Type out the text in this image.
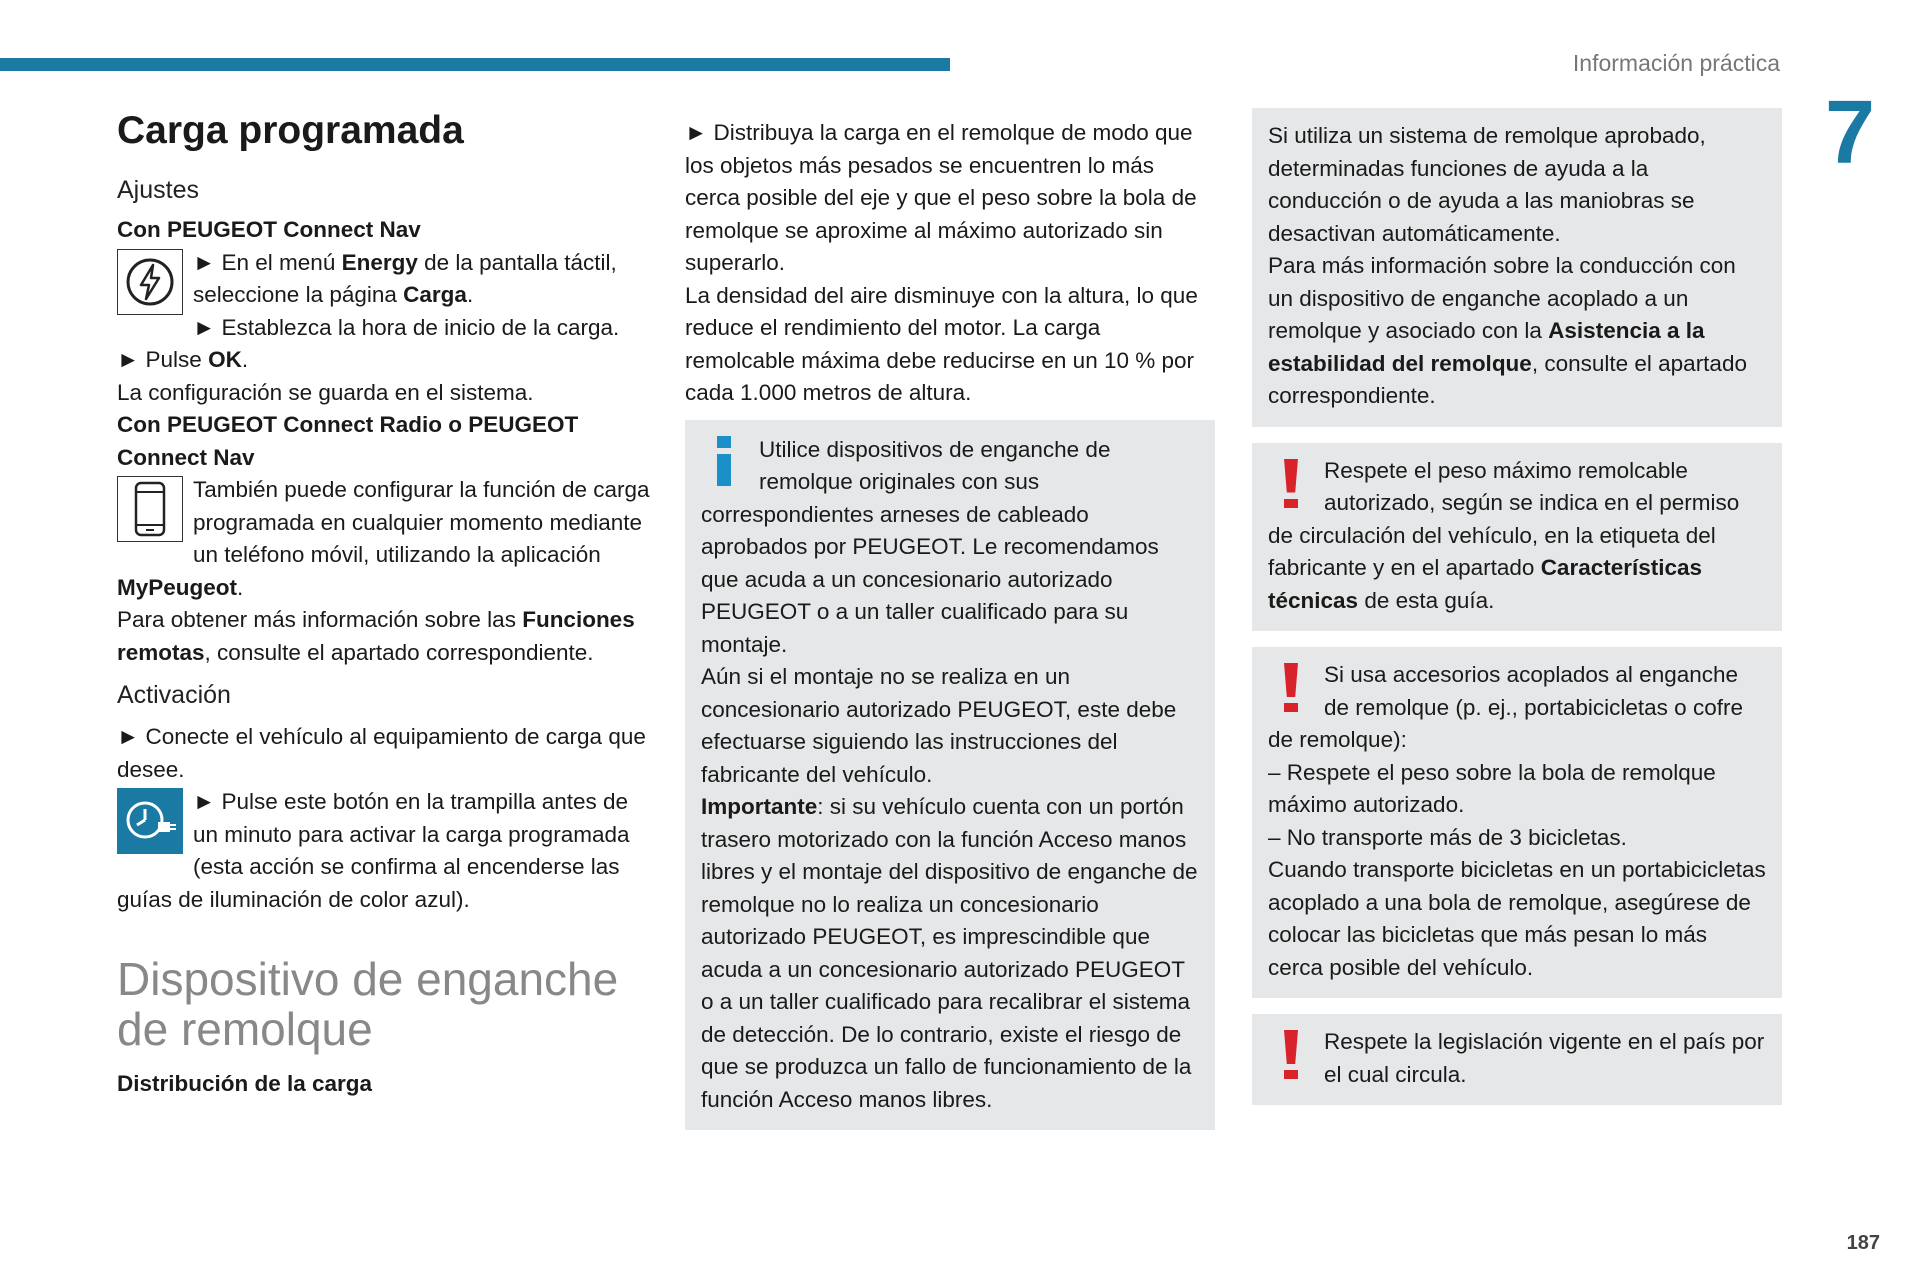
Información práctica
7
187
Carga programada
Ajustes

Con PEUGEOT Connect Nav

► En el menú Energy de la pantalla táctil, seleccione la página Carga.

► Establezca la hora de inicio de la carga.

► Pulse OK.

La configuración se guarda en el sistema.

Con PEUGEOT Connect Radio o PEUGEOT Connect Nav

También puede configurar la función de carga programada en cualquier momento mediante un teléfono móvil, utilizando la aplicación MyPeugeot.

Para obtener más información sobre las Funciones remotas, consulte el apartado correspondiente.

Activación

► Conecte el vehículo al equipamiento de carga que desee.

► Pulse este botón en la trampilla antes de un minuto para activar la carga programada (esta acción se confirma al encenderse las guías de iluminación de color azul).

Dispositivo de enganche de remolque

Distribución de la carga

► Distribuya la carga en el remolque de modo que los objetos más pesados se encuentren lo más cerca posible del eje y que el peso sobre la bola de remolque se aproxime al máximo autorizado sin superarlo.

La densidad del aire disminuye con la altura, lo que reduce el rendimiento del motor. La carga remolcable máxima debe reducirse en un 10 % por cada 1.000 metros de altura.

Utilice dispositivos de enganche de remolque originales con sus correspondientes arneses de cableado aprobados por PEUGEOT. Le recomendamos que acuda a un concesionario autorizado PEUGEOT o a un taller cualificado para su montaje.

Aún si el montaje no se realiza en un concesionario autorizado PEUGEOT, este debe efectuarse siguiendo las instrucciones del fabricante del vehículo.

Importante: si su vehículo cuenta con un portón trasero motorizado con la función Acceso manos libres y el montaje del dispositivo de enganche de remolque no lo realiza un concesionario autorizado PEUGEOT, es imprescindible que acuda a un concesionario autorizado PEUGEOT o a un taller cualificado para recalibrar el sistema de detección. De lo contrario, existe el riesgo de que se produzca un fallo de funcionamiento de la función Acceso manos libres.

Si utiliza un sistema de remolque aprobado, determinadas funciones de ayuda a la conducción o de ayuda a las maniobras se desactivan automáticamente.

Para más información sobre la conducción con un dispositivo de enganche acoplado a un remolque y asociado con la Asistencia a la estabilidad del remolque, consulte el apartado correspondiente.

Respete el peso máximo remolcable autorizado, según se indica en el permiso de circulación del vehículo, en la etiqueta del fabricante y en el apartado Características técnicas de esta guía.

Si usa accesorios acoplados al enganche de remolque (p. ej., portabicicletas o cofre de remolque):

– Respete el peso sobre la bola de remolque máximo autorizado.

– No transporte más de 3 bicicletas.

Cuando transporte bicicletas en un portabicicletas acoplado a una bola de remolque, asegúrese de colocar las bicicletas que más pesan lo más cerca posible del vehículo.

Respete la legislación vigente en el país por el cual circula.
